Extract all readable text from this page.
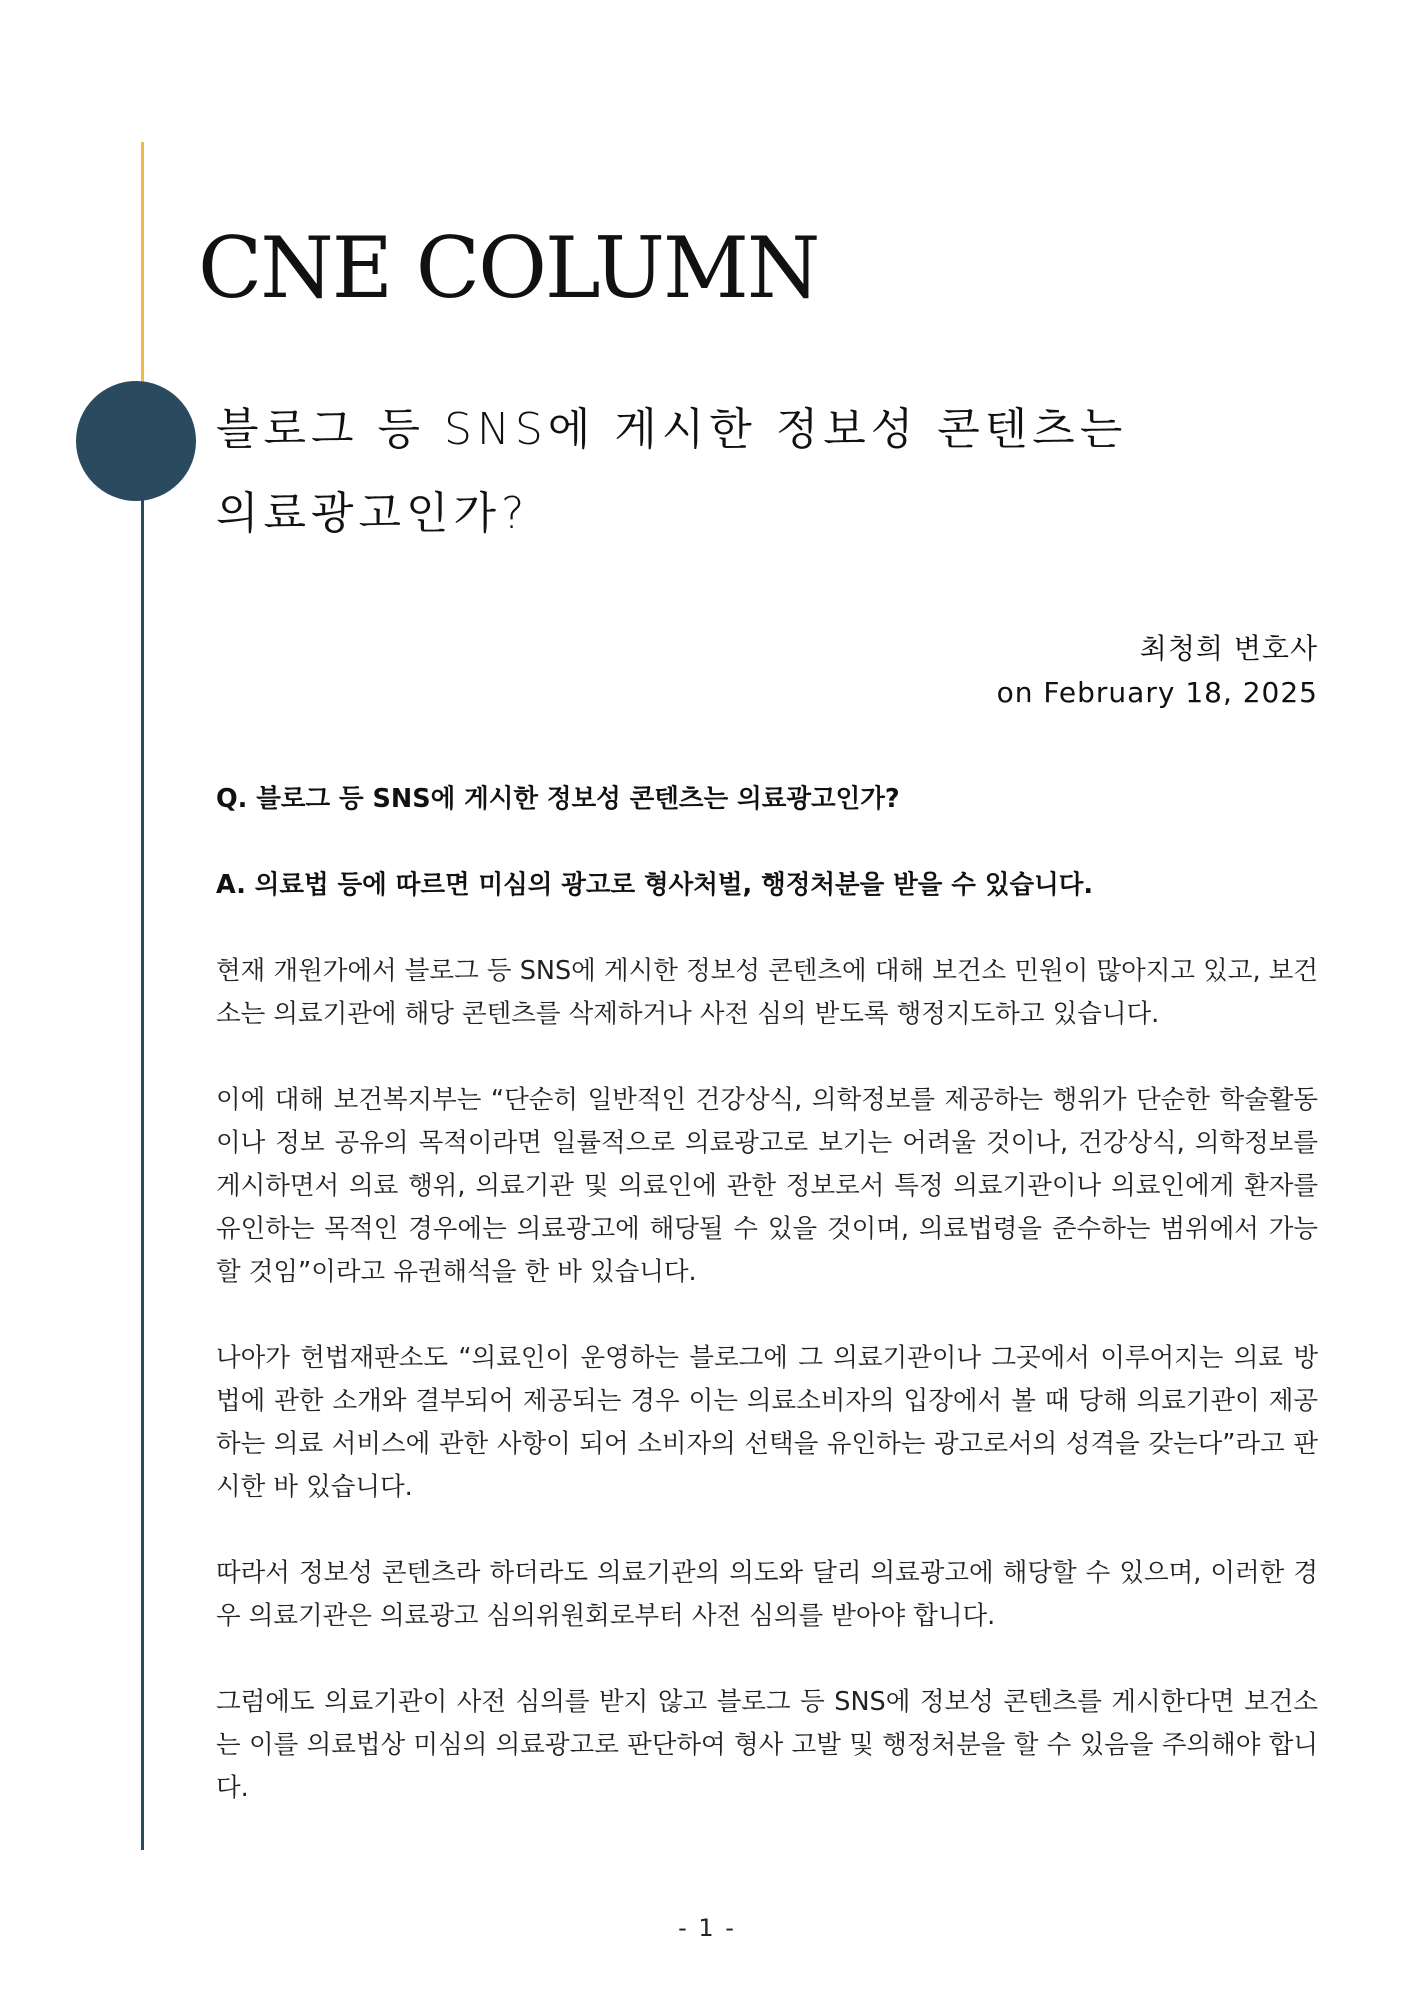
CNE COLUMN
블로그 등 SNS에 게시한 정보성 콘텐츠는
의료광고인가?
최청희 변호사
on February 18, 2025

Q. 블로그 등 SNS에 게시한 정보성 콘텐츠는 의료광고인가?

A. 의료법 등에 따르면 미심의 광고로 형사처벌, 행정처분을 받을 수 있습니다.

현재 개원가에서 블로그 등 SNS에 게시한 정보성 콘텐츠에 대해 보건소 민원이 많아지고 있고, 보건소는 의료기관에 해당 콘텐츠를 삭제하거나 사전 심의 받도록 행정지도하고 있습니다.

이에 대해 보건복지부는 “단순히 일반적인 건강상식, 의학정보를 제공하는 행위가 단순한 학술활동이나 정보 공유의 목적이라면 일률적으로 의료광고로 보기는 어려울 것이나, 건강상식, 의학정보를 게시하면서 의료 행위, 의료기관 및 의료인에 관한 정보로서 특정 의료기관이나 의료인에게 환자를 유인하는 목적인 경우에는 의료광고에 해당될 수 있을 것이며, 의료법령을 준수하는 범위에서 가능할 것임”이라고 유권해석을 한 바 있습니다.

나아가 헌법재판소도 “의료인이 운영하는 블로그에 그 의료기관이나 그곳에서 이루어지는 의료 방법에 관한 소개와 결부되어 제공되는 경우 이는 의료소비자의 입장에서 볼 때 당해 의료기관이 제공하는 의료 서비스에 관한 사항이 되어 소비자의 선택을 유인하는 광고로서의 성격을 갖는다”라고 판시한 바 있습니다.

따라서 정보성 콘텐츠라 하더라도 의료기관의 의도와 달리 의료광고에 해당할 수 있으며, 이러한 경우 의료기관은 의료광고 심의위원회로부터 사전 심의를 받아야 합니다.

그럼에도 의료기관이 사전 심의를 받지 않고 블로그 등 SNS에 정보성 콘텐츠를 게시한다면 보건소는 이를 의료법상 미심의 의료광고로 판단하여 형사 고발 및 행정처분을 할 수 있음을 주의해야 합니다.

- 1 -
